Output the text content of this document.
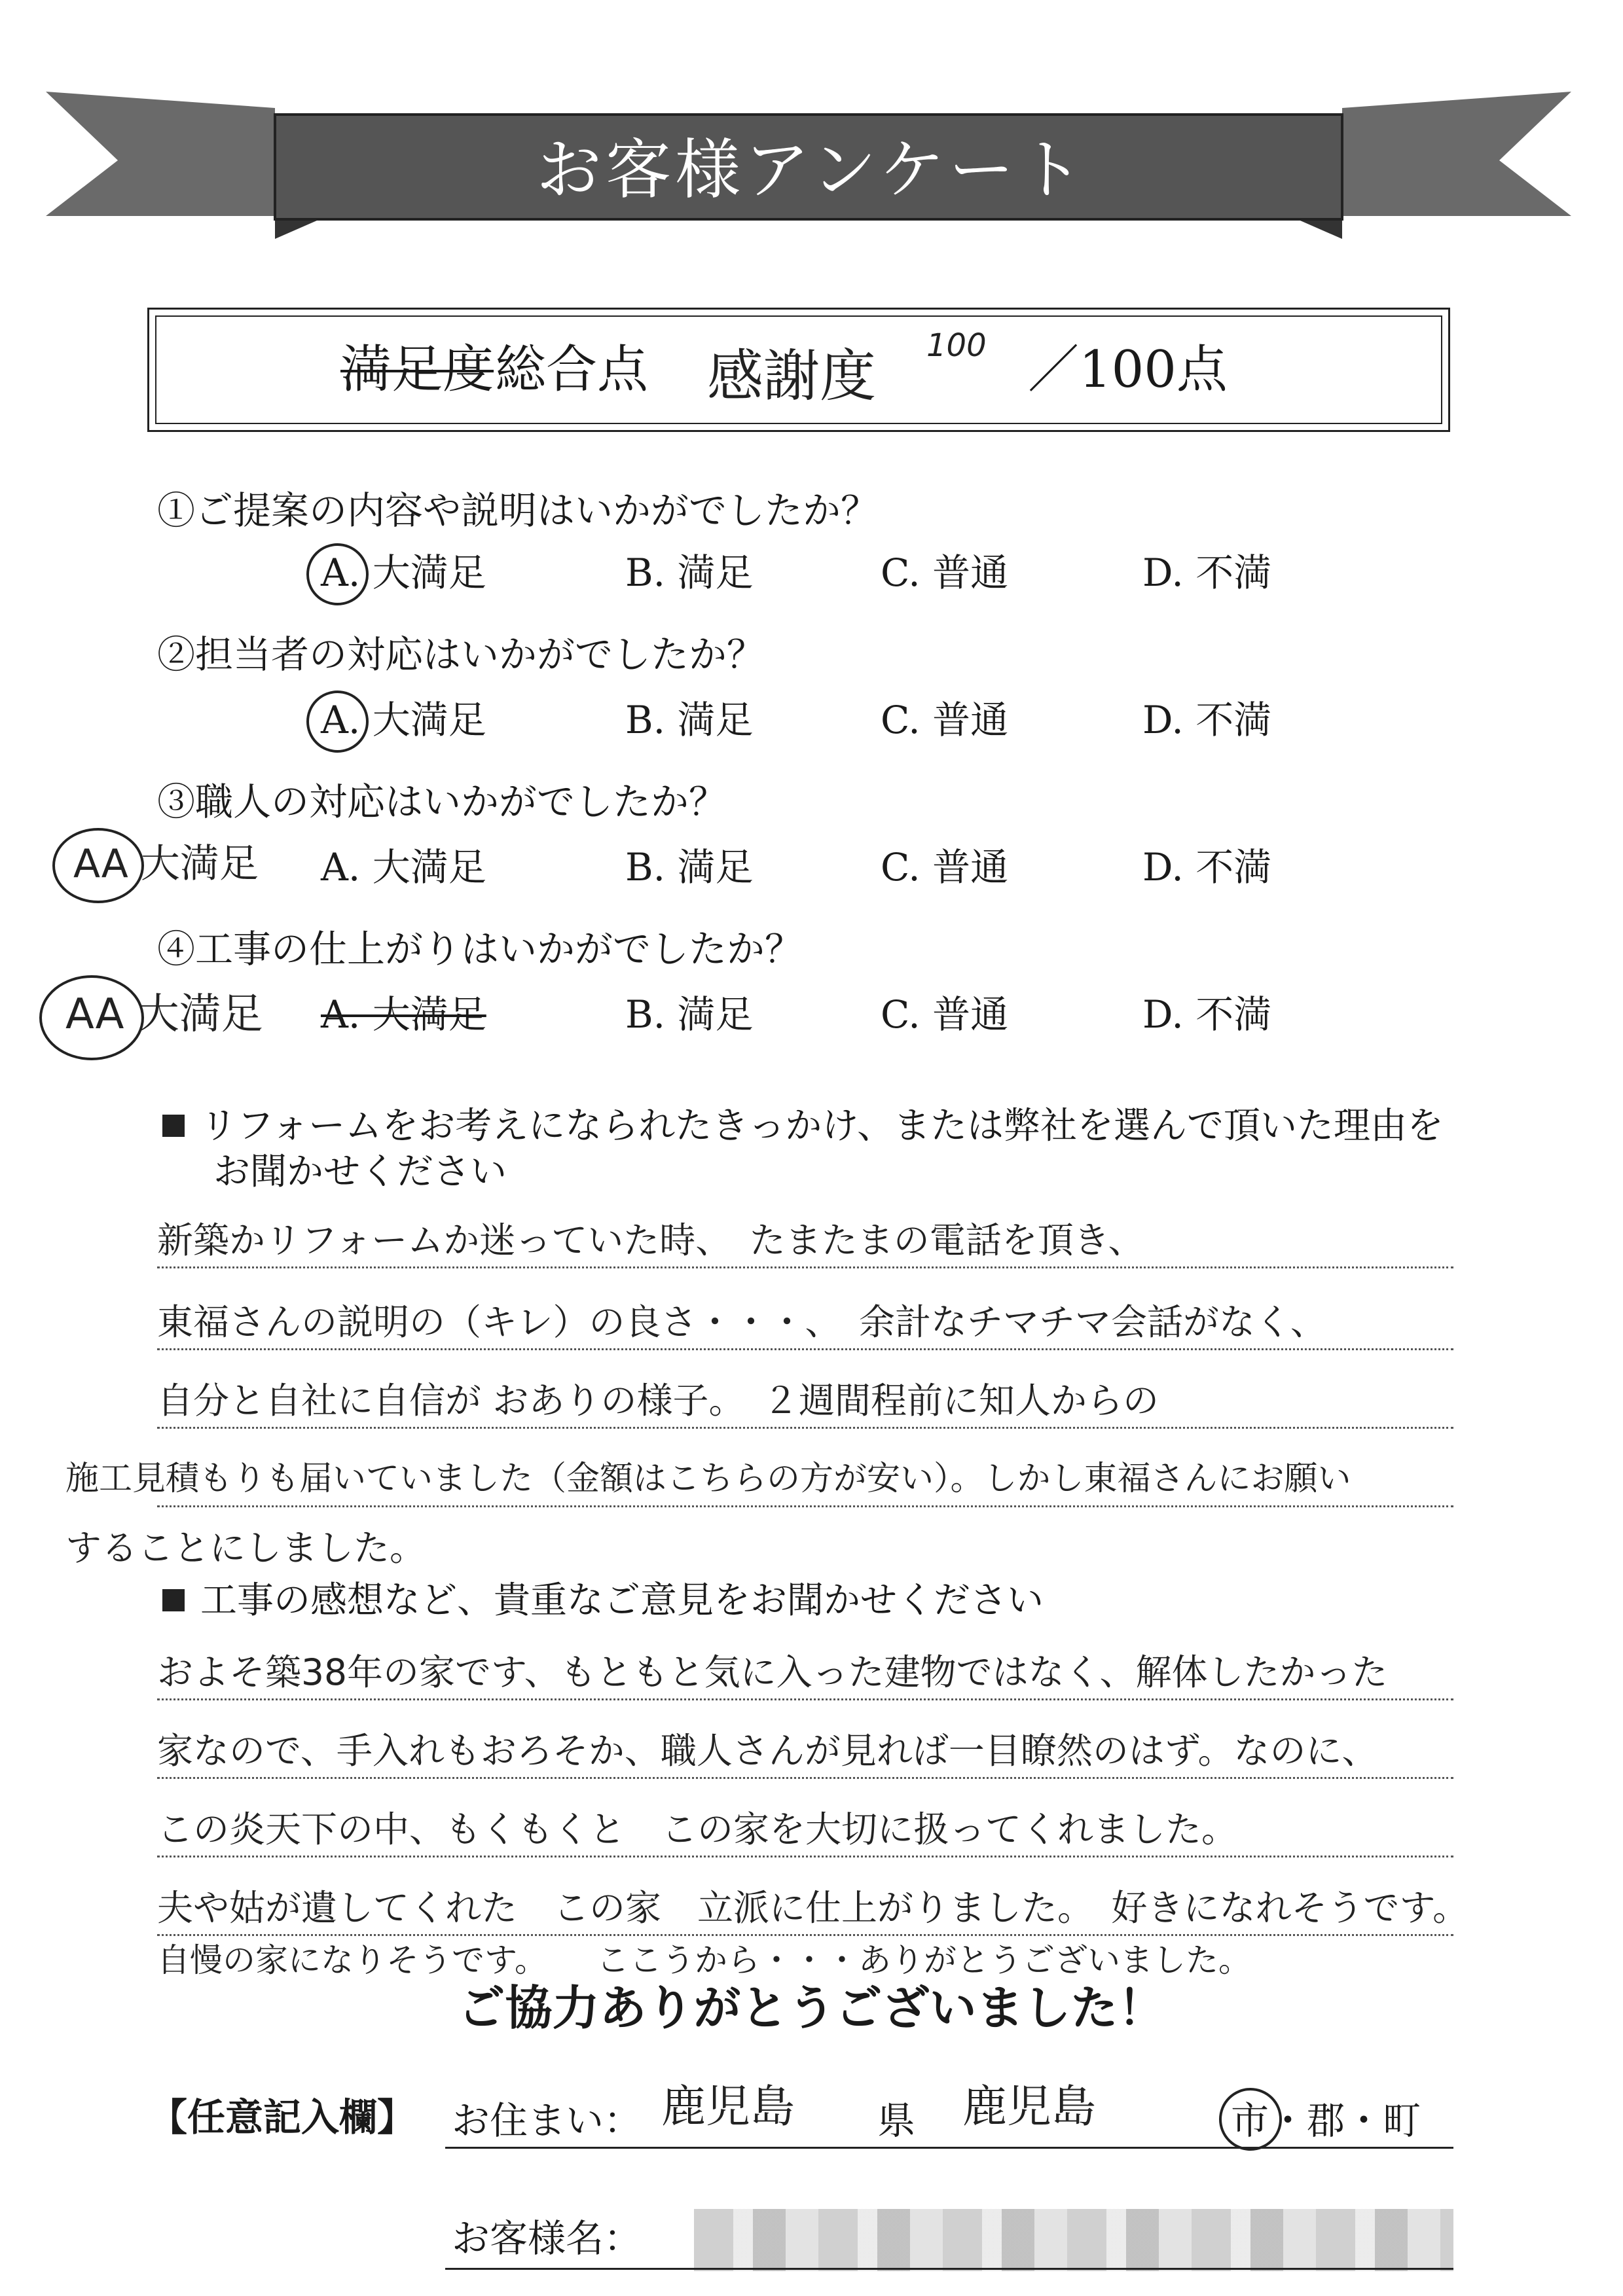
お客様アンケート
満足度 総合点 感謝度 100 ／100点
①ご提案の内容や説明はいかがでしたか？
A. 大満足	B. 満足	C. 普通	D. 不満
②担当者の対応はいかがでしたか？
A. 大満足	B. 満足	C. 普通	D. 不満
③職人の対応はいかがでしたか？
AA 大満足 A. 大満足	B. 満足	C. 普通	D. 不満
④工事の仕上がりはいかがでしたか？
AA 大満足 A. 大満足	B. 満足	C. 普通	D. 不満
リフォームをお考えになられたきっかけ、または弊社を選んで頂いた理由を
お聞かせください
新築かリフォームか迷っていた時、　たまたまの電話を頂き、
東福さんの説明の（キレ）の良さ・・・、　余計なチマチマ会話がなく、
自分と自社に自信が おありの様子。　２週間程前に知人からの
施工見積もりも届いていました（金額はこちらの方が安い）。しかし東福さんにお願い
することにしました。
工事の感想など、貴重なご意見をお聞かせください
およそ築38年の家です、もともと気に入った建物ではなく、解体したかった
家なので、手入れもおろそか、職人さんが見れば一目瞭然のはず。なのに、
この炎天下の中、もくもくと　この家を大切に扱ってくれました。
夫や姑が遺してくれた　この家　立派に仕上がりました。　好きになれそうです。
自慢の家になりそうです。　　ここうから・・・ありがとうございました。
ご協力ありがとうございました！
【任意記入欄】 お住まい： 鹿児島 県 鹿児島	市・郡・町
お客様名：
